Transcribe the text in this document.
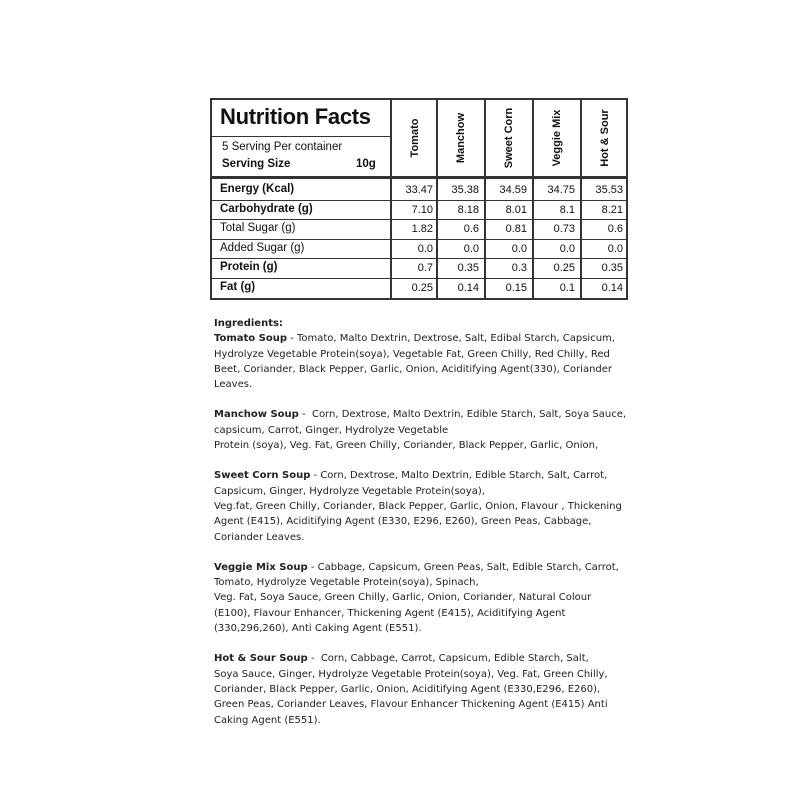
Nutrition Facts
5 Serving Per container
Serving Size	10g
Tomato	Manchow	Sweet Corn	Veggie Mix	Hot & Sour
Energy (Kcal)	33.47	35.38	34.59	34.75	35.53
Carbohydrate (g)	7.10	8.18	8.01	8.1	8.21
Total Sugar (g)	1.82	0.6	0.81	0.73	0.6
Added Sugar (g)	0.0	0.0	0.0	0.0	0.0
Protein (g)	0.7	0.35	0.3	0.25	0.35
Fat (g)	0.25	0.14	0.15	0.1	0.14
Ingredients:
Tomato Soup - Tomato, Malto Dextrin, Dextrose, Salt, Edibal Starch, Capsicum,
Hydrolyze Vegetable Protein(soya), Vegetable Fat, Green Chilly, Red Chilly, Red
Beet, Coriander, Black Pepper, Garlic, Onion, Aciditifying Agent(330), Coriander
Leaves.
Manchow Soup -  Corn, Dextrose, Malto Dextrin, Edible Starch, Salt, Soya Sauce,
capsicum, Carrot, Ginger, Hydrolyze Vegetable
Protein (soya), Veg. Fat, Green Chilly, Coriander, Black Pepper, Garlic, Onion,
Sweet Corn Soup - Corn, Dextrose, Malto Dextrin, Edible Starch, Salt, Carrot,
Capsicum, Ginger, Hydrolyze Vegetable Protein(soya),
Veg.fat, Green Chilly, Coriander, Black Pepper, Garlic, Onion, Flavour , Thickening
Agent (E415), Aciditifying Agent (E330, E296, E260), Green Peas, Cabbage,
Coriander Leaves.
Veggie Mix Soup - Cabbage, Capsicum, Green Peas, Salt, Edible Starch, Carrot,
Tomato, Hydrolyze Vegetable Protein(soya), Spinach,
Veg. Fat, Soya Sauce, Green Chilly, Garlic, Onion, Coriander, Natural Colour
(E100), Flavour Enhancer, Thickening Agent (E415), Aciditifying Agent
(330,296,260), Anti Caking Agent (E551).
Hot & Sour Soup -  Corn, Cabbage, Carrot, Capsicum, Edible Starch, Salt,
Soya Sauce, Ginger, Hydrolyze Vegetable Protein(soya), Veg. Fat, Green Chilly,
Coriander, Black Pepper, Garlic, Onion, Aciditifying Agent (E330,E296, E260),
Green Peas, Coriander Leaves, Flavour Enhancer Thickening Agent (E415) Anti
Caking Agent (E551).
